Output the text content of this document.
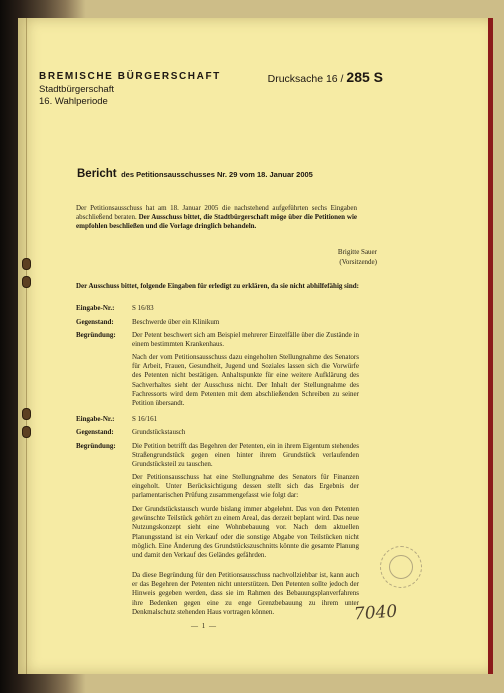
BREMISCHE BÜRGERSCHAFT
Stadtbürgerschaft
16. Wahlperiode
Drucksache 16 / 285 S
Bericht des Petitionsausschusses Nr. 29 vom 18. Januar 2005
Der Petitionsausschuss hat am 18. Januar 2005 die nachstehend aufgeführten sechs Eingaben abschließend beraten. Der Ausschuss bittet, die Stadtbürgerschaft möge über die Petitionen wie empfohlen beschließen und die Vorlage dringlich behandeln.
Brigitte Sauer
(Vorsitzende)
Der Ausschuss bittet, folgende Eingaben für erledigt zu erklären, da sie nicht abhilfefähig sind:
Eingabe-Nr.:	S 16/83
Gegenstand:	Beschwerde über ein Klinikum
Begründung:	Der Petent beschwert sich am Beispiel mehrerer Einzelfälle über die Zustände in einem bestimmten Krankenhaus.
Nach der vom Petitionsausschuss dazu eingeholten Stellungnahme des Senators für Arbeit, Frauen, Gesundheit, Jugend und Soziales lassen sich die Vorwürfe des Petenten nicht bestätigen. Anhaltspunkte für eine weitere Aufklärung des Sachverhaltes sieht der Ausschuss nicht. Der Inhalt der Stellungnahme des Fachressorts wird dem Petenten mit dem abschließenden Schreiben zu seiner Petition übersandt.
Eingabe-Nr.:	S 16/161
Gegenstand:	Grundstückstausch
Begründung:	Die Petition betrifft das Begehren der Petenten, ein in ihrem Eigentum stehendes Straßengrundstück gegen einen hinter ihrem Grundstück verlaufenden Grundstücksteil zu tauschen.
Der Petitionsausschuss hat eine Stellungnahme des Senators für Finanzen eingeholt. Unter Berücksichtigung dessen stellt sich das Ergebnis der parlamentarischen Prüfung zusammengefasst wie folgt dar:
Der Grundstückstausch wurde bislang immer abgelehnt. Das von den Petenten gewünschte Teilstück gehört zu einem Areal, das derzeit beplant wird. Das neue Nutzungskonzept sieht eine Wohnbebauung vor. Nach dem aktuellen Planungsstand ist ein Verkauf oder die sonstige Abgabe von Teilstücken nicht möglich. Eine Änderung des Grundstückszuschnitts könnte die gesamte Planung und damit den Verkauf des Geländes gefährden.
Da diese Begründung für den Petitionsausschuss nachvollziehbar ist, kann auch er das Begehren der Petenten nicht unterstützen. Den Petenten sollte jedoch der Hinweis gegeben werden, dass sie im Rahmen des Bebauungsplanverfahrens ihre Bedenken gegen eine zu enge Grenzbebauung zu ihrem unter Denkmalschutz stehenden Haus vortragen können.
— 1 —
7040
